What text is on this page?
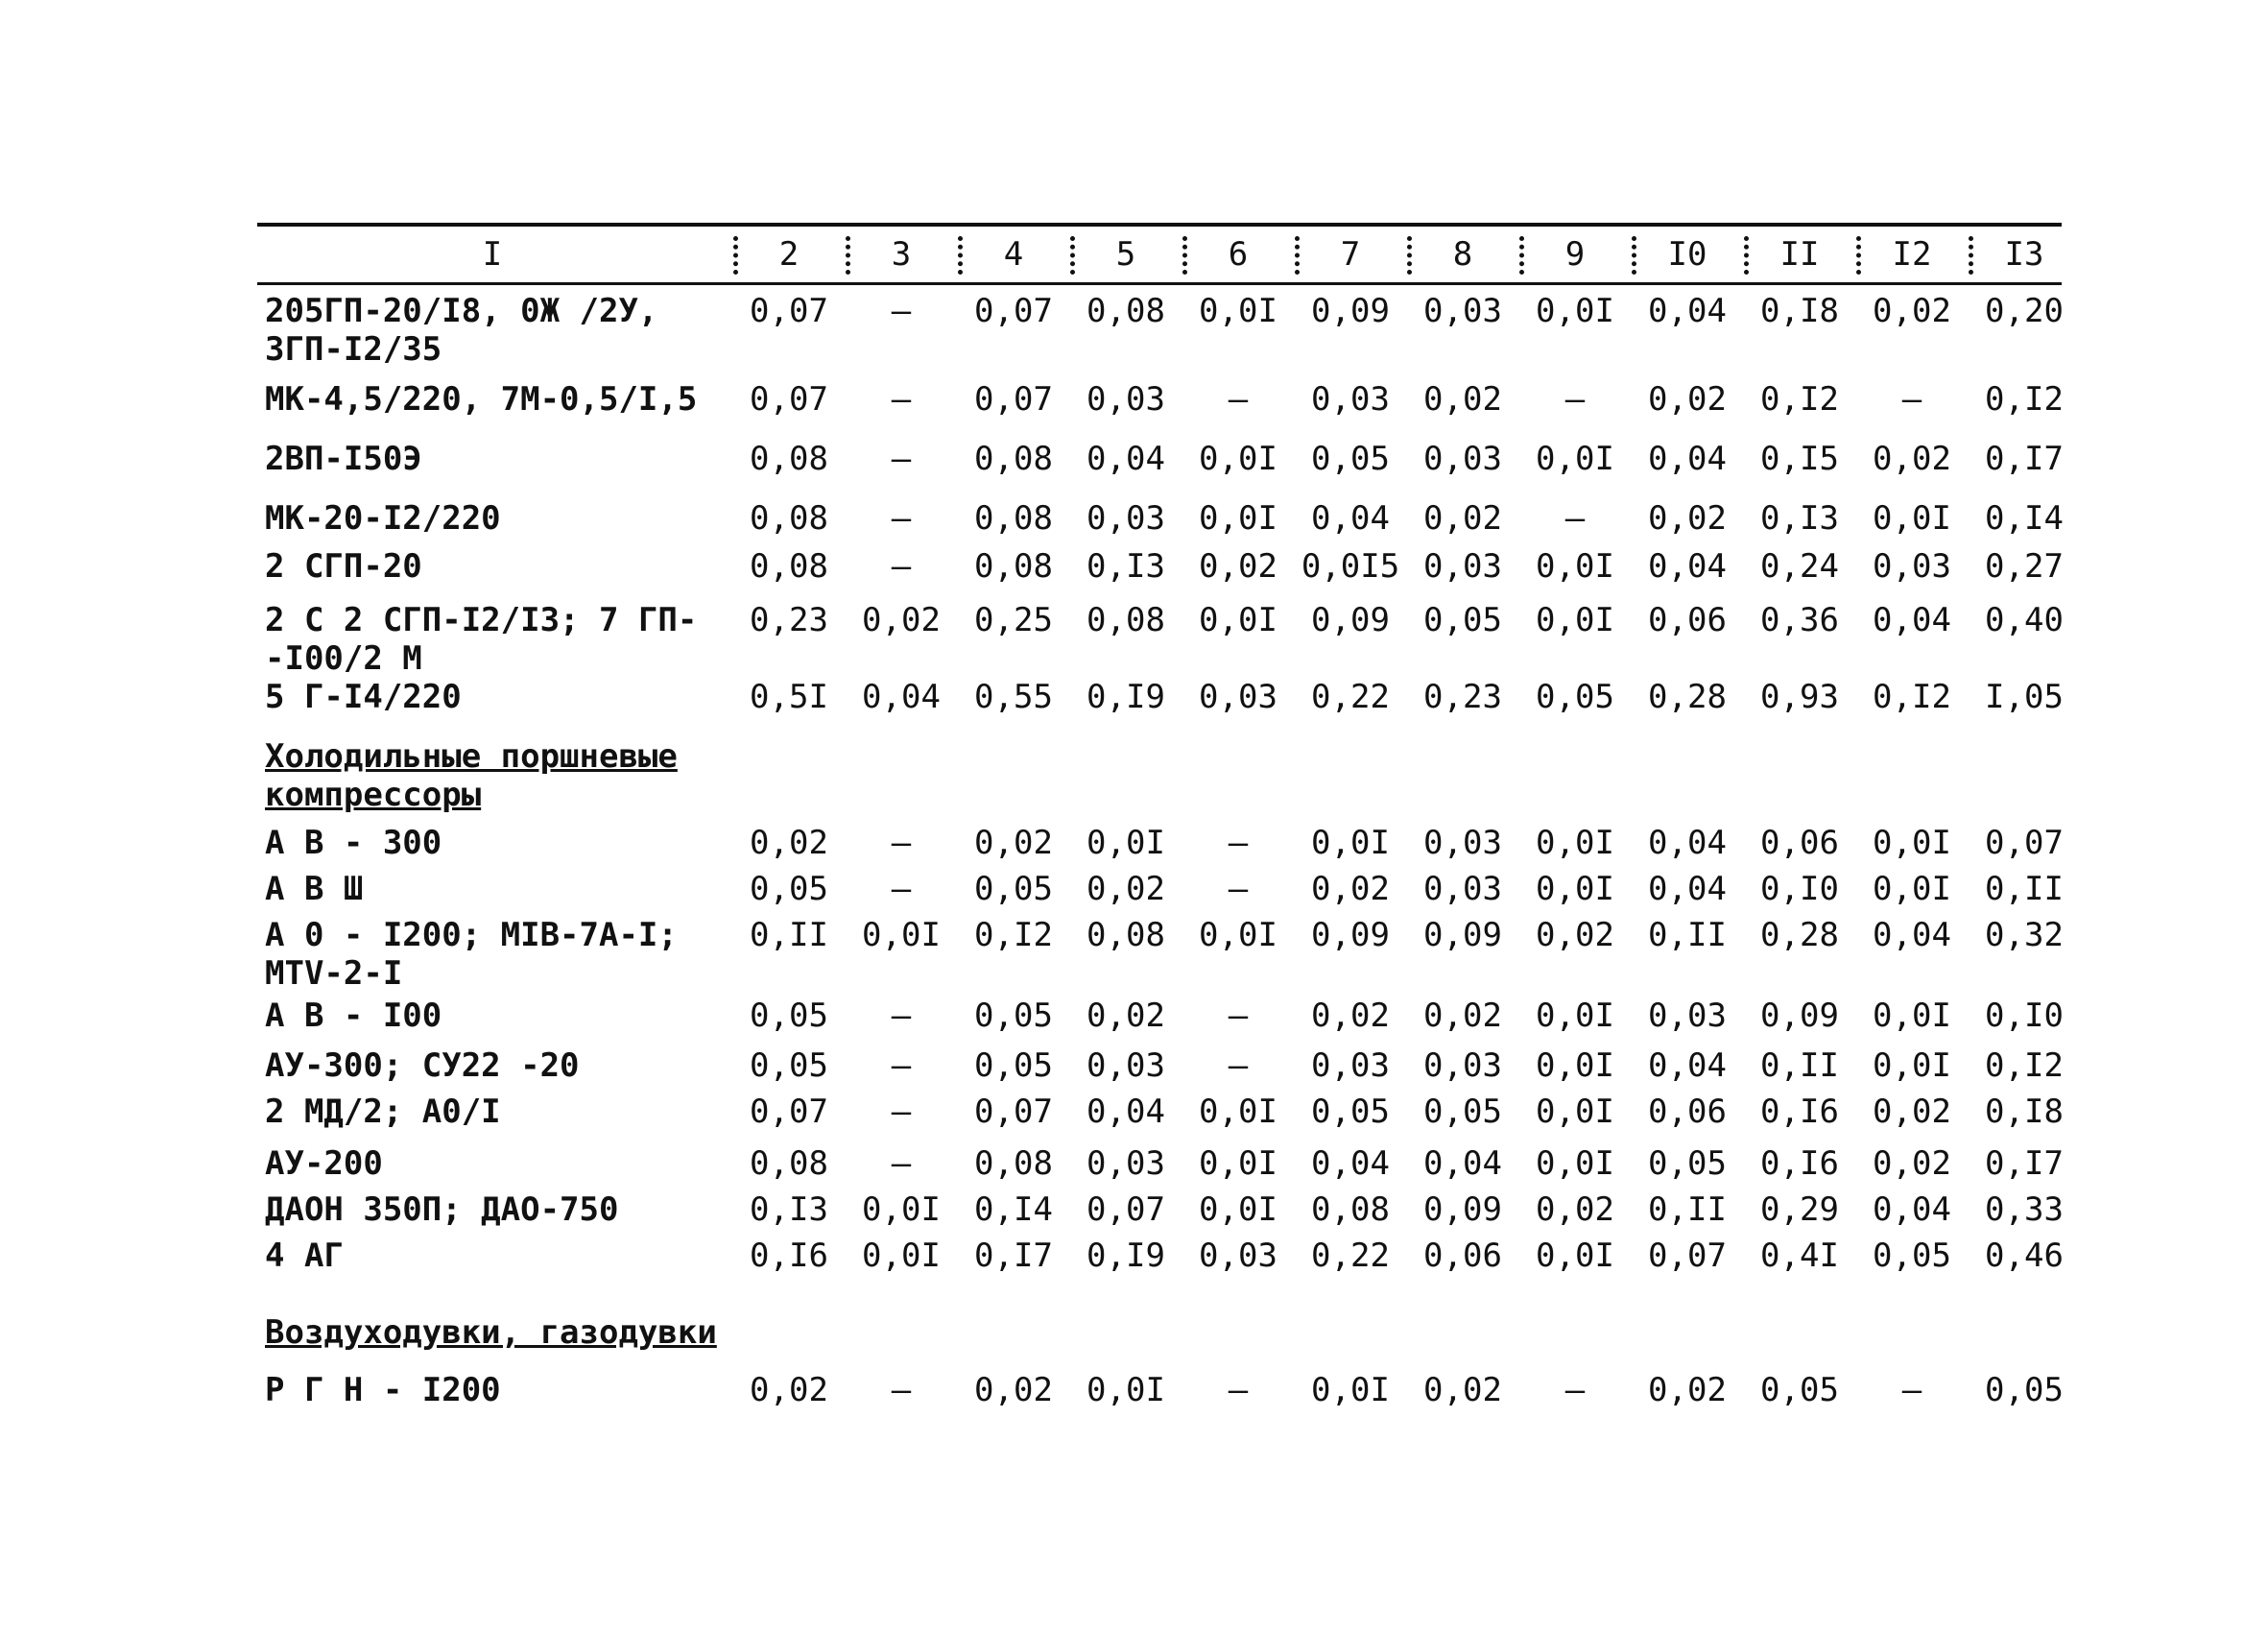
I	2	3	4	5	6	7	8	9	I0	II	I2	I3
205ГП-20/I8, 0Ж /2У,
3ГП-I2/35
0,07	–	0,07	0,08	0,0I	0,09	0,03	0,0I	0,04	0,I8	0,02	0,20
МК-4,5/220, 7М-0,5/I,5	0,07	–	0,07	0,03	–	0,03	0,02	–	0,02	0,I2	–	0,I2
2ВП-I50Э	0,08	–	0,08	0,04	0,0I	0,05	0,03	0,0I	0,04	0,I5	0,02	0,I7
МК-20-I2/220	0,08	–	0,08	0,03	0,0I	0,04	0,02	–	0,02	0,I3	0,0I	0,I4
2 СГП-20	0,08	–	0,08	0,I3	0,02 0,0I5 0,03	0,0I	0,04	0,24	0,03	0,27
2 С 2 СГП-I2/I3; 7 ГП-
-I00/2 М
0,23	0,02	0,25	0,08	0,0I	0,09	0,05	0,0I	0,06	0,36	0,04	0,40
5 Г-I4/220	0,5I	0,04	0,55	0,I9	0,03	0,22	0,23	0,05	0,28	0,93	0,I2	I,05
Холодильные поршневые
компрессоры
А В - 300	0,02	–	0,02	0,0I	–	0,0I	0,03	0,0I	0,04	0,06	0,0I	0,07
А В Ш	0,05	–	0,05	0,02	–	0,02	0,03	0,0I	0,04	0,I0	0,0I	0,II
А 0 - I200; МIВ-7А-I;
МТV-2-I
0,II	0,0I	0,I2	0,08	0,0I	0,09	0,09	0,02	0,II	0,28	0,04	0,32
А В - I00	0,05	–	0,05	0,02	–	0,02	0,02	0,0I	0,03	0,09	0,0I	0,I0
АУ-300; СУ22 -20	0,05	–	0,05	0,03	–	0,03	0,03	0,0I	0,04	0,II	0,0I	0,I2
2 МД/2; А0/I	0,07	–	0,07	0,04	0,0I	0,05	0,05	0,0I	0,06	0,I6	0,02	0,I8
АУ-200	0,08	–	0,08	0,03	0,0I	0,04	0,04	0,0I	0,05	0,I6	0,02	0,I7
ДАОН 350П; ДАО-750	0,I3	0,0I	0,I4	0,07	0,0I	0,08	0,09	0,02	0,II	0,29	0,04	0,33
4 АГ	0,I6	0,0I	0,I7	0,I9	0,03	0,22	0,06	0,0I	0,07	0,4I	0,05	0,46
Воздуходувки, газодувки
Р Г Н - I200	0,02	–	0,02	0,0I	–	0,0I	0,02	–	0,02	0,05	–	0,05
